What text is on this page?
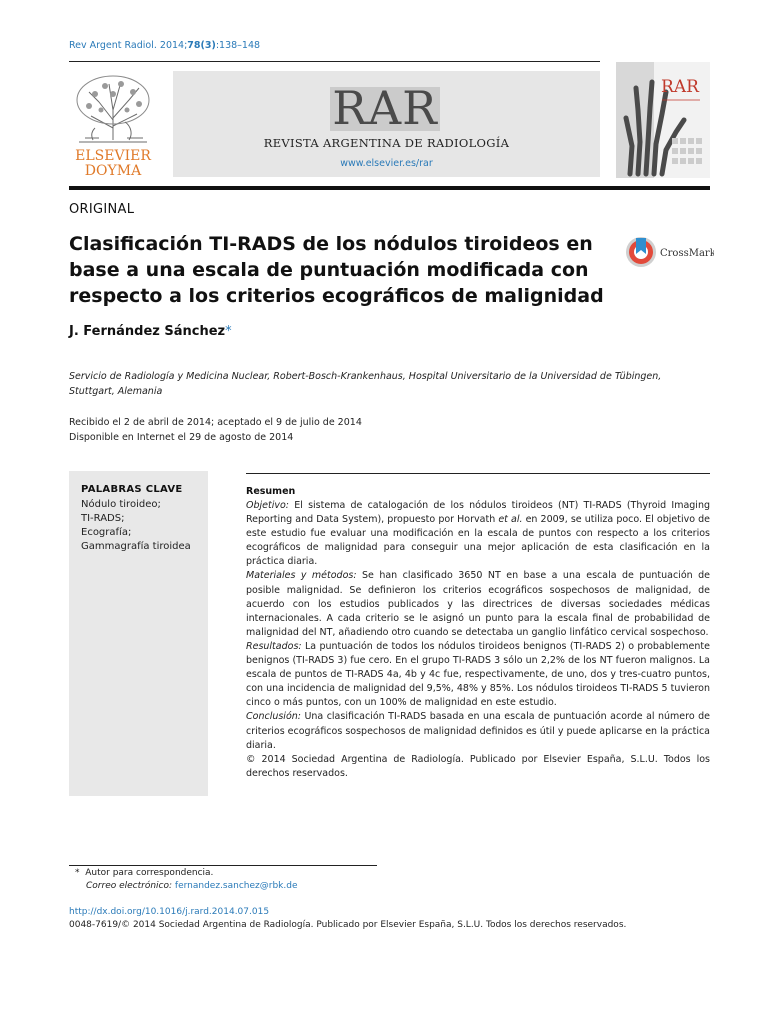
Rev Argent Radiol. 2014;78(3):138–148
ELSEVIER
DOYMA
RAR
REVISTA ARGENTINA DE RADIOLOGÍA
www.elsevier.es/rar
RAR
ORIGINAL
Clasificación TI-RADS de los nódulos tiroideos en base a una escala de puntuación modificada con respecto a los criterios ecográficos de malignidad
CrossMark
J. Fernández Sánchez*
Servicio de Radiología y Medicina Nuclear, Robert-Bosch-Krankenhaus, Hospital Universitario de la Universidad de Tübingen, Stuttgart, Alemania
Recibido el 2 de abril de 2014; aceptado el 9 de julio de 2014
Disponible en Internet el 29 de agosto de 2014
PALABRAS CLAVE
Nódulo tiroideo;
TI-RADS;
Ecografía;
Gammagrafía tiroidea
Resumen

Objetivo: El sistema de catalogación de los nódulos tiroideos (NT) TI-RADS (Thyroid Imaging Reporting and Data System), propuesto por Horvath et al. en 2009, se utiliza poco. El objetivo de este estudio fue evaluar una modificación en la escala de puntos con respecto a los criterios ecográficos de malignidad para conseguir una mejor aplicación de esta clasificación en la práctica diaria.

Materiales y métodos: Se han clasificado 3650 NT en base a una escala de puntuación de posible malignidad. Se definieron los criterios ecográficos sospechosos de malignidad, de acuerdo con los estudios publicados y las directrices de diversas sociedades médicas internacionales. A cada criterio se le asignó un punto para la escala final de probabilidad de malignidad del NT, añadiendo otro cuando se detectaba un ganglio linfático cervical sospechoso.

Resultados: La puntuación de todos los nódulos tiroideos benignos (TI-RADS 2) o probablemente benignos (TI-RADS 3) fue cero. En el grupo TI-RADS 3 sólo un 2,2% de los NT fueron malignos. La escala de puntos de TI-RADS 4a, 4b y 4c fue, respectivamente, de uno, dos y tres-cuatro puntos, con una incidencia de malignidad del 9,5%, 48% y 85%. Los nódulos tiroideos TI-RADS 5 tuvieron cinco o más puntos, con un 100% de malignidad en este estudio.

Conclusión: Una clasificación TI-RADS basada en una escala de puntuación acorde al número de criterios ecográficos sospechosos de malignidad definidos es útil y puede aplicarse en la práctica diaria.

© 2014 Sociedad Argentina de Radiología. Publicado por Elsevier España, S.L.U. Todos los derechos reservados.

* Autor para correspondencia.
Correo electrónico: fernandez.sanchez@rbk.de
http://dx.doi.org/10.1016/j.rard.2014.07.015
0048-7619/© 2014 Sociedad Argentina de Radiología. Publicado por Elsevier España, S.L.U. Todos los derechos reservados.
